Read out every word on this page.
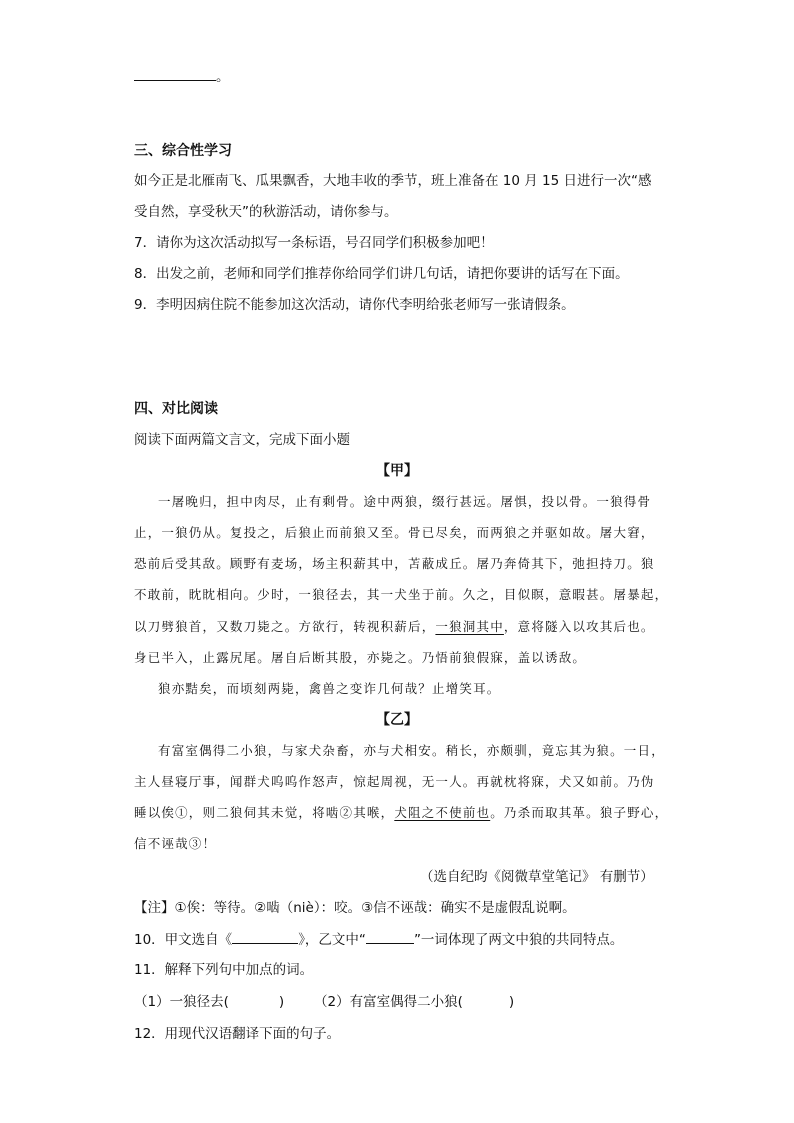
。
三、综合性学习
如今正是北雁南飞、瓜果飘香，大地丰收的季节，班上准备在 10 月 15 日进行一次“感
受自然，享受秋天”的秋游活动，请你参与。
7．请你为这次活动拟写一条标语，号召同学们积极参加吧！
8．出发之前，老师和同学们推荐你给同学们讲几句话，请把你要讲的话写在下面。
9．李明因病住院不能参加这次活动，请你代李明给张老师写一张请假条。
四、对比阅读
阅读下面两篇文言文，完成下面小题
【甲】
一屠晚归，担中肉尽，止有剩骨。途中两狼，缀行甚远。屠惧，投以骨。一狼得骨
止，一狼仍从。复投之，后狼止而前狼又至。骨已尽矣，而两狼之并驱如故。屠大窘，
恐前后受其敌。顾野有麦场，场主积薪其中，苫蔽成丘。屠乃奔倚其下，弛担持刀。狼
不敢前，眈眈相向。少时，一狼径去，其一犬坐于前。久之，目似瞑，意暇甚。屠暴起，
以刀劈狼首，又数刀毙之。方欲行，转视积薪后，一狼洞其中，意将隧入以攻其后也。
身已半入，止露尻尾。屠自后断其股，亦毙之。乃悟前狼假寐，盖以诱敌。
狼亦黠矣，而顷刻两毙，禽兽之变诈几何哉？止增笑耳。
【乙】
有富室偶得二小狼，与家犬杂畜，亦与犬相安。稍长，亦颇驯，竟忘其为狼。一日，
主人昼寝厅事，闻群犬呜呜作怒声，惊起周视，无一人。再就枕将寐，犬又如前。乃伪
睡以俟①，则二狼伺其未觉，将啮②其喉，犬阻之不使前也。乃杀而取其革。狼子野心，
信不诬哉③！
（选自纪昀《阅微草堂笔记》 有删节）
【注】①俟：等待。②啮（niè）：咬。③信不诬哉：确实不是虚假乱说啊。
10．甲文选自《	》，乙文中“	”一词体现了两文中狼的共同特点。
11．解释下列句中加点的词。
（1）一狼径去(	) （2）有富室偶得二小狼(	)
12．用现代汉语翻译下面的句子。
